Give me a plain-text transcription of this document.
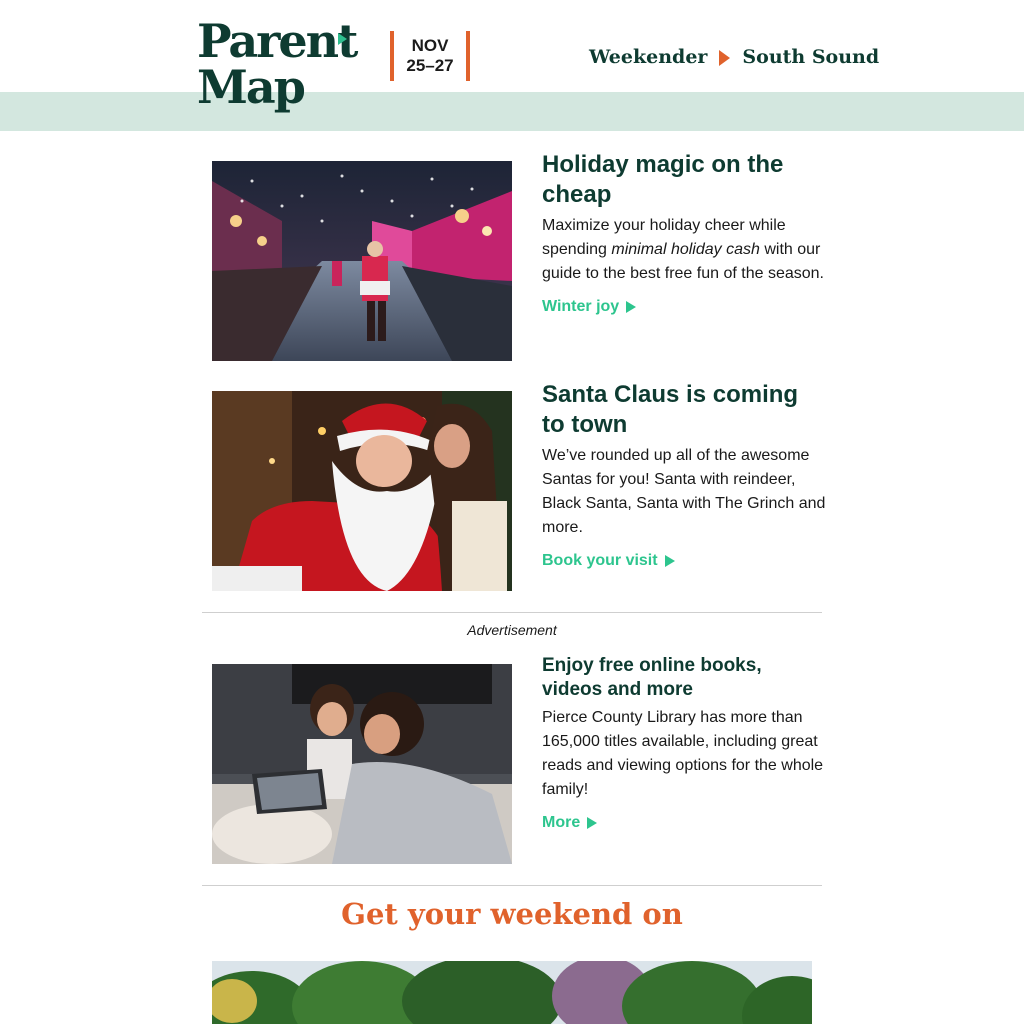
Parent
Map
NOV
25–27	Weekender South Sound
Holiday magic on the cheap

Maximize your holiday cheer while spending minimal holiday cash with our guide to the best free fun of the season.

Winter joy
Santa Claus is coming to town

We’ve rounded up all of the awesome Santas for you! Santa with reindeer, Black Santa, Santa with The Grinch and more.

Book your visit
Advertisement
Enjoy free online books, videos and more

Pierce County Library has more than 165,000 titles available, including great reads and viewing options for the whole family!

More
Get your weekend on
